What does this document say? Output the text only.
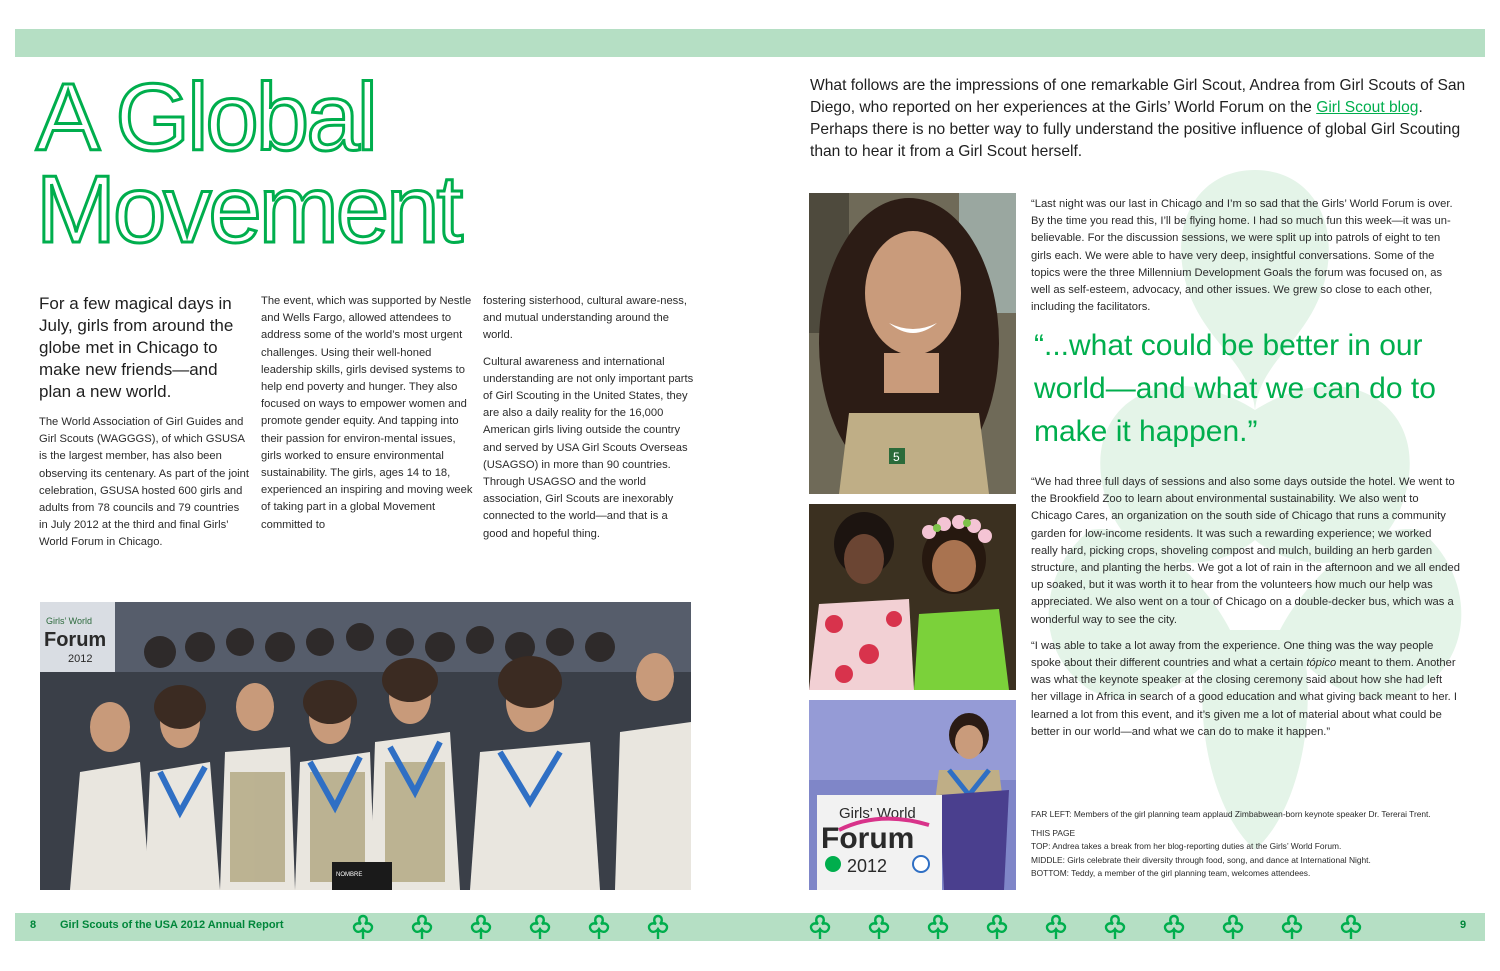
A Global
Movement
For a few magical days in July, girls from around the globe met in Chicago to make new friends—and plan a new world.

The World Association of Girl Guides and Girl Scouts (WAGGGS), of which GSUSA is the largest member, has also been observing its centenary. As part of the joint celebration, GSUSA hosted 600 girls and adults from 78 councils and 79 countries in July 2012 at the third and final Girls’ World Forum in Chicago.

The event, which was supported by Nestle and Wells Fargo, allowed attendees to address some of the world’s most urgent challenges. Using their well-honed leadership skills, girls devised systems to help end poverty and hunger. They also focused on ways to empower women and promote gender equity. And tapping into their passion for environ-mental issues, girls worked to ensure environmental sustainability. The girls, ages 14 to 18, experienced an inspiring and moving week of taking part in a global Movement committed to

fostering sisterhood, cultural aware-ness, and mutual understanding around the world.

Cultural awareness and international understanding are not only important parts of Girl Scouting in the United States, they are also a daily reality for the 16,000 American girls living outside the country and served by USA Girl Scouts Overseas (USAGSO) in more than 90 countries. Through USAGSO and the world association, Girl Scouts are inexorably connected to the world—and that is a good and hopeful thing.

What follows are the impressions of one remarkable Girl Scout, Andrea from Girl Scouts of San Diego, who reported on her experiences at the Girls’ World Forum on the Girl Scout blog. Perhaps there is no better way to fully understand the positive influence of global Girl Scouting than to hear it from a Girl Scout herself.
Girls’ World
Forum
2012
NOMBRE
5
Girls' World
Forum
2012
“Last night was our last in Chicago and I’m so sad that the Girls’ World Forum is over. By the time you read this, I’ll be flying home. I had so much fun this week—it was un-believable. For the discussion sessions, we were split up into patrols of eight to ten girls each. We were able to have very deep, insightful conversations. Some of the topics were the three Millennium Development Goals the forum was focused on, as well as self-esteem, advocacy, and other issues. We grew so close to each other, including the facilitators.
“...what could be better in our world—and what we can do to make it happen.”

“We had three full days of sessions and also some days outside the hotel. We went to the Brookfield Zoo to learn about environmental sustainability. We also went to Chicago Cares, an organization on the south side of Chicago that runs a community garden for low-income residents. It was such a rewarding experience; we worked really hard, picking crops, shoveling compost and mulch, building an herb garden structure, and planting the herbs. We got a lot of rain in the afternoon and we all ended up soaked, but it was worth it to hear from the volunteers how much our help was appreciated. We also went on a tour of Chicago on a double-decker bus, which was a wonderful way to see the city.

“I was able to take a lot away from the experience. One thing was the way people spoke about their different countries and what a certain tópico meant to them. Another was what the keynote speaker at the closing ceremony said about how she had left her village in Africa in search of a good education and what giving back meant to her. I learned a lot from this event, and it’s given me a lot of material about what could be better in our world—and what we can do to make it happen.”

FAR LEFT: Members of the girl planning team applaud Zimbabwean-born keynote speaker Dr. Tererai Trent.
THIS PAGE
TOP: Andrea takes a break from her blog-reporting duties at the Girls’ World Forum.
MIDDLE: Girls celebrate their diversity through food, song, and dance at International Night.
BOTTOM: Teddy, a member of the girl planning team, welcomes attendees.
8 Girl Scouts of the USA 2012 Annual Report	9
